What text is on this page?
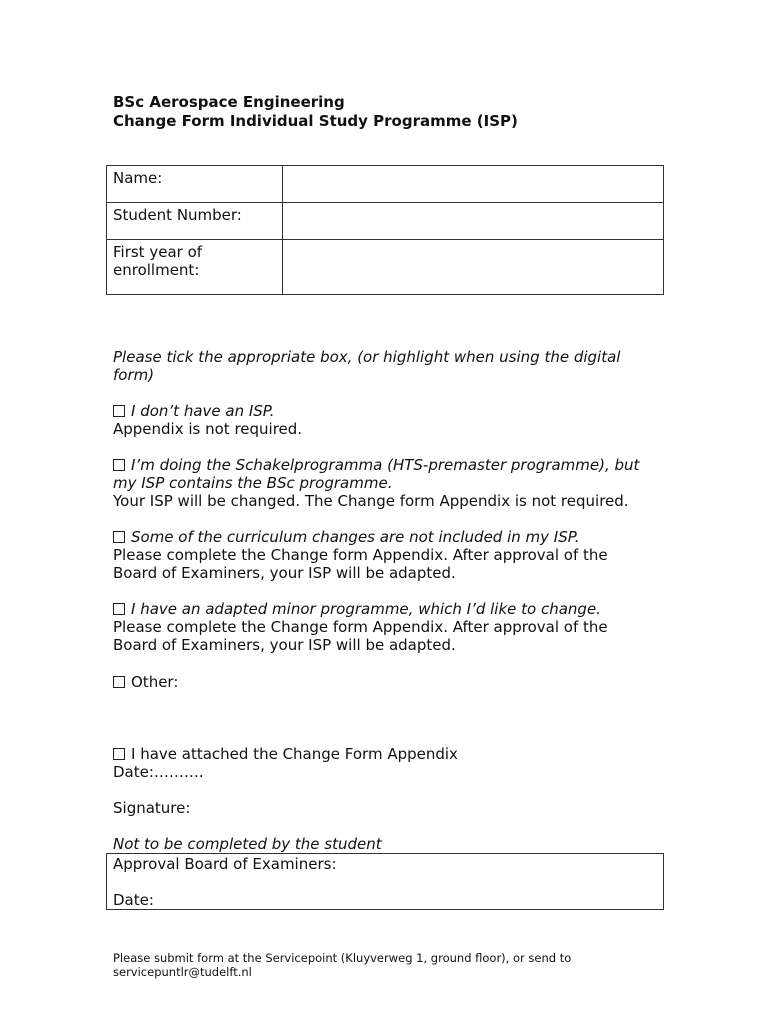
BSc Aerospace Engineering
Change Form Individual Study Programme (ISP)
Name:	
Student Number:	

First year of
enrollment:	

Please tick the appropriate box, (or highlight when using the digital
form)
I don’t have an ISP.
Appendix is not required.
I’m doing the Schakelprogramma (HTS-premaster programme), but
my ISP contains the BSc programme.
Your ISP will be changed. The Change form Appendix is not required.
Some of the curriculum changes are not included in my ISP.
Please complete the Change form Appendix. After approval of the
Board of Examiners, your ISP will be adapted.
I have an adapted minor programme, which I’d like to change.
Please complete the Change form Appendix. After approval of the
Board of Examiners, your ISP will be adapted.
Other:
I have attached the Change Form Appendix
Date:……….
Signature:
Not to be completed by the student
Approval Board of Examiners:
Date:
Please submit form at the Servicepoint (Kluyverweg 1, ground floor), or send to
servicepuntlr@tudelft.nl
